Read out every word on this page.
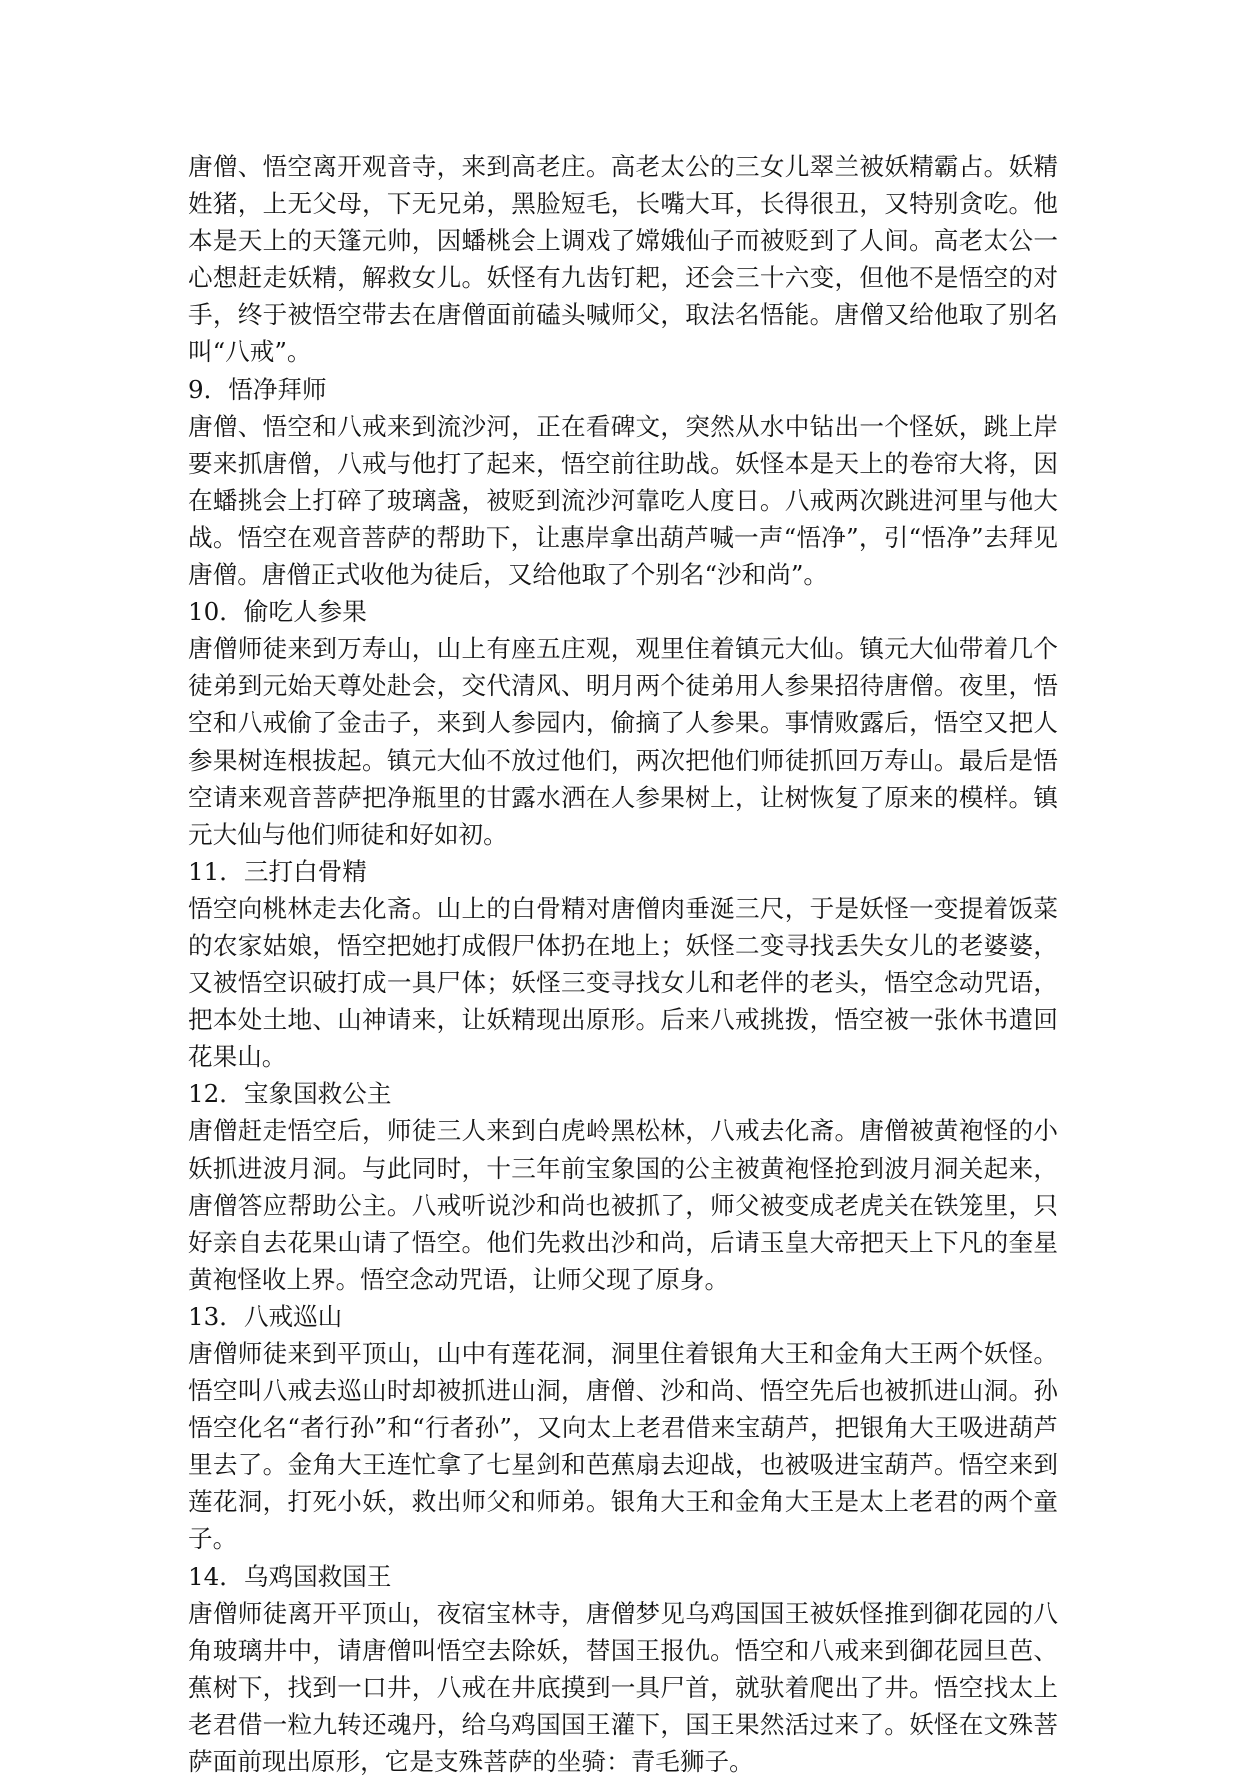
唐僧、悟空离开观音寺，来到高老庄。高老太公的三女儿翠兰被妖精霸占。妖精姓猪，上无父母，下无兄弟，黑脸短毛，长嘴大耳，长得很丑，又特别贪吃。他本是天上的天篷元帅，因蟠桃会上调戏了嫦娥仙子而被贬到了人间。高老太公一心想赶走妖精，解救女儿。妖怪有九齿钉耙，还会三十六变，但他不是悟空的对手，终于被悟空带去在唐僧面前磕头喊师父，取法名悟能。唐僧又给他取了别名叫“八戒”。

9．悟净拜师

唐僧、悟空和八戒来到流沙河，正在看碑文，突然从水中钻出一个怪妖，跳上岸要来抓唐僧，八戒与他打了起来，悟空前往助战。妖怪本是天上的卷帘大将，因在蟠挑会上打碎了玻璃盏，被贬到流沙河靠吃人度日。八戒两次跳进河里与他大战。悟空在观音菩萨的帮助下，让惠岸拿出葫芦喊一声“悟净”，引“悟净”去拜见唐僧。唐僧正式收他为徒后，又给他取了个别名“沙和尚”。

10．偷吃人参果

唐僧师徒来到万寿山，山上有座五庄观，观里住着镇元大仙。镇元大仙带着几个徒弟到元始天尊处赴会，交代清风、明月两个徒弟用人参果招待唐僧。夜里，悟空和八戒偷了金击子，来到人参园内，偷摘了人参果。事情败露后，悟空又把人参果树连根拔起。镇元大仙不放过他们，两次把他们师徒抓回万寿山。最后是悟空请来观音菩萨把净瓶里的甘露水洒在人参果树上，让树恢复了原来的模样。镇元大仙与他们师徒和好如初。

11．三打白骨精

悟空向桃林走去化斋。山上的白骨精对唐僧肉垂涎三尺，于是妖怪一变提着饭菜的农家姑娘，悟空把她打成假尸体扔在地上；妖怪二变寻找丢失女儿的老婆婆，又被悟空识破打成一具尸体；妖怪三变寻找女儿和老伴的老头，悟空念动咒语，把本处土地、山神请来，让妖精现出原形。后来八戒挑拨，悟空被一张休书遣回花果山。

12．宝象国救公主

唐僧赶走悟空后，师徒三人来到白虎岭黑松林，八戒去化斋。唐僧被黄袍怪的小妖抓进波月洞。与此同时，十三年前宝象国的公主被黄袍怪抢到波月洞关起来，唐僧答应帮助公主。八戒听说沙和尚也被抓了，师父被变成老虎关在铁笼里，只好亲自去花果山请了悟空。他们先救出沙和尚，后请玉皇大帝把天上下凡的奎星黄袍怪收上界。悟空念动咒语，让师父现了原身。

13．八戒巡山

唐僧师徒来到平顶山，山中有莲花洞，洞里住着银角大王和金角大王两个妖怪。悟空叫八戒去巡山时却被抓进山洞，唐僧、沙和尚、悟空先后也被抓进山洞。孙悟空化名“者行孙”和“行者孙”，又向太上老君借来宝葫芦，把银角大王吸进葫芦里去了。金角大王连忙拿了七星剑和芭蕉扇去迎战，也被吸进宝葫芦。悟空来到莲花洞，打死小妖，救出师父和师弟。银角大王和金角大王是太上老君的两个童子。

14．乌鸡国救国王

唐僧师徒离开平顶山，夜宿宝林寺，唐僧梦见乌鸡国国王被妖怪推到御花园的八角玻璃井中，请唐僧叫悟空去除妖，替国王报仇。悟空和八戒来到御花园旦芭、蕉树下，找到一口井，八戒在井底摸到一具尸首，就驮着爬出了井。悟空找太上老君借一粒九转还魂丹，给乌鸡国国王灌下，国王果然活过来了。妖怪在文殊菩萨面前现出原形，它是支殊菩萨的坐骑：青毛狮子。
